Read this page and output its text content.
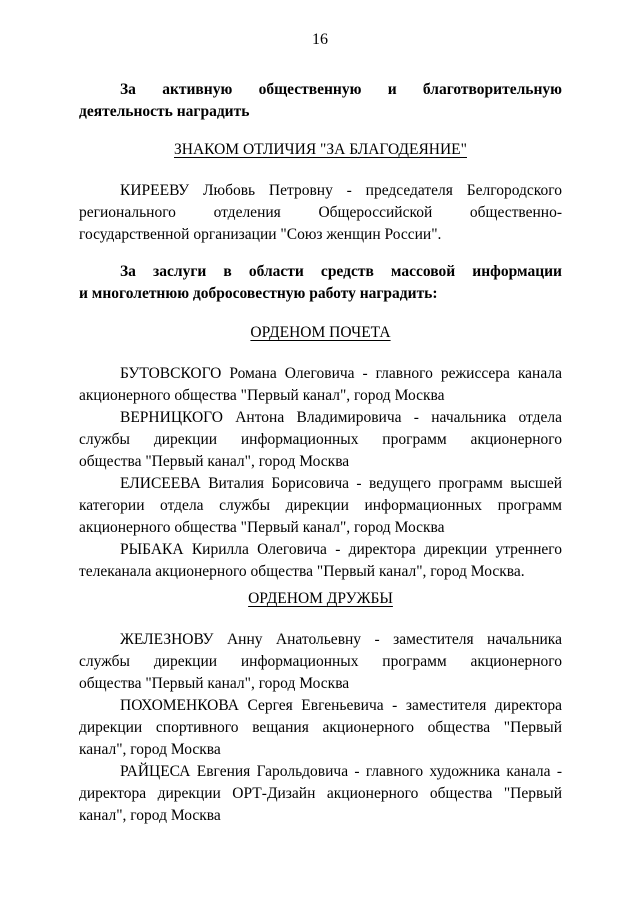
16

За активную общественную и благотворительную

деятельность наградить

ЗНАКОМ ОТЛИЧИЯ "ЗА БЛАГОДЕЯНИЕ"

КИРЕЕВУ Любовь Петровну - председателя Белгородского

регионального отделения Общероссийской общественно-

государственной организации "Союз женщин России".

За заслуги в области средств массовой информации

и многолетнюю добросовестную работу наградить:

ОРДЕНОМ ПОЧЕТА

БУТОВСКОГО Романа Олеговича - главного режиссера канала

акционерного общества "Первый канал", город Москва

ВЕРНИЦКОГО Антона Владимировича - начальника отдела

службы дирекции информационных программ акционерного

общества "Первый канал", город Москва

ЕЛИСЕЕВА Виталия Борисовича - ведущего программ высшей

категории отдела службы дирекции информационных программ

акционерного общества "Первый канал", город Москва

РЫБАКА Кирилла Олеговича - директора дирекции утреннего

телеканала акционерного общества "Первый канал", город Москва.

ОРДЕНОМ ДРУЖБЫ

ЖЕЛЕЗНОВУ Анну Анатольевну - заместителя начальника

службы дирекции информационных программ акционерного

общества "Первый канал", город Москва

ПОХОМЕНКОВА Сергея Евгеньевича - заместителя директора

дирекции спортивного вещания акционерного общества "Первый

канал", город Москва

РАЙЦЕСА Евгения Гарольдовича - главного художника канала -

директора дирекции ОРТ-Дизайн акционерного общества "Первый

канал", город Москва
